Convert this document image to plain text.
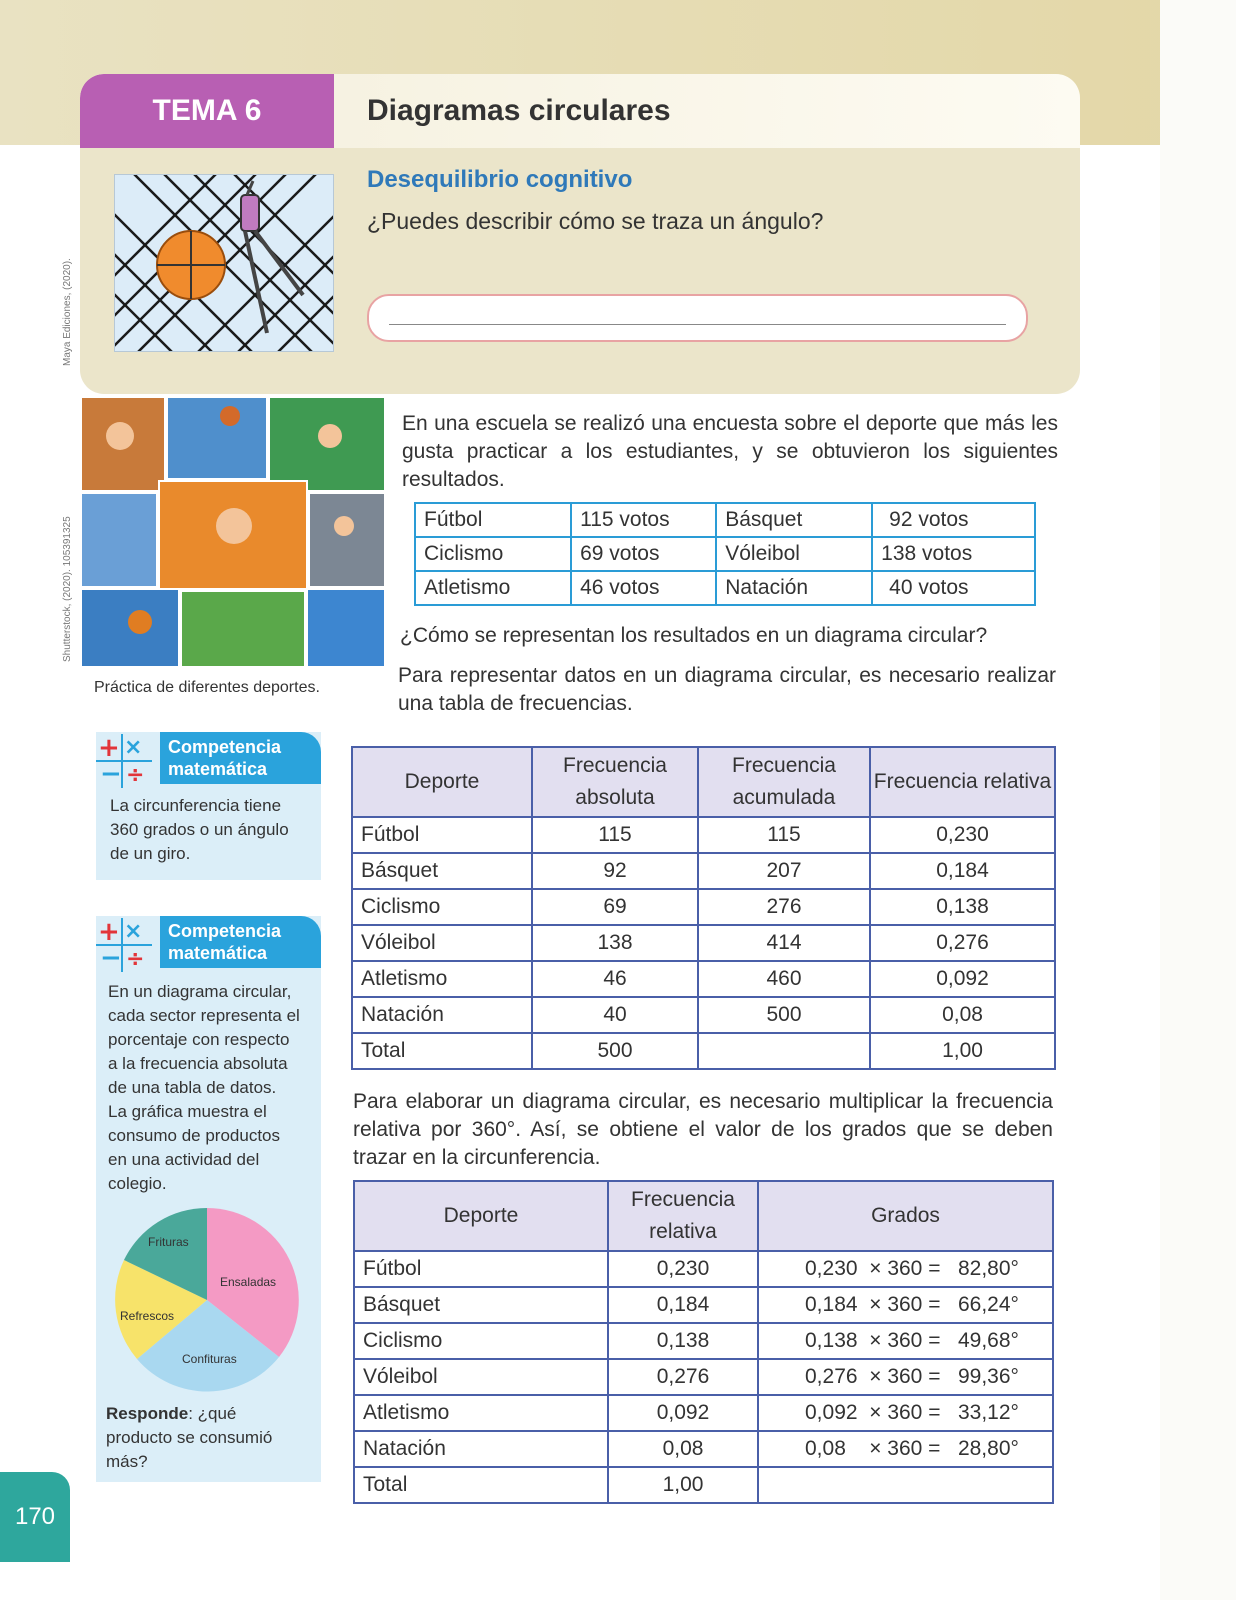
Maya Ediciones, (2020).
Shutterstock, (2020). 105391325
TEMA 6	Diagramas circulares
Desequilibrio cognitivo
¿Puedes describir cómo se traza un ángulo?
Práctica de diferentes deportes.
+ ×
− ÷
Competencia
matemática
La circunferencia tiene
360 grados o un ángulo
de un giro.
+ ×
− ÷
Competencia
matemática
En un diagrama circular,
cada sector representa el
porcentaje con respecto
a la frecuencia absoluta
de una tabla de datos.
La gráfica muestra el
consumo de productos
en una actividad del
colegio.
Frituras
Ensaladas
Refrescos
Confituras
Responde: ¿qué
producto se consumió
más?
170
En una escuela se realizó una encuesta sobre el deporte que más les gusta practicar a los estudiantes, y se obtuvieron los siguientes resultados.
Fútbol	115 votos	Básquet	92 votos
Ciclismo	69 votos	Vóleibol	138 votos
Atletismo	46 votos	Natación	40 votos
¿Cómo se representan los resultados en un diagrama circular?
Para representar datos en un diagrama circular, es necesario realizar una tabla de frecuencias.
Deporte	Frecuencia absoluta	Frecuencia acumulada	Frecuencia relativa
Fútbol	115	115	0,230
Básquet	92	207	0,184
Ciclismo	69	276	0,138
Vóleibol	138	414	0,276
Atletismo	46	460	0,092
Natación	40	500	0,08
Total	500		1,00
Para elaborar un diagrama circular, es necesario multiplicar la frecuencia relativa por 360°. Así, se obtiene el valor de los grados que se deben trazar en la circunferencia.
Deporte	Frecuencia relativa	Grados
Fútbol	0,230	0,230  × 360 =   82,80°
Básquet	0,184	0,184  × 360 =   66,24°
Ciclismo	0,138	0,138  × 360 =   49,68°
Vóleibol	0,276	0,276  × 360 =   99,36°
Atletismo	0,092	0,092  × 360 =   33,12°
Natación	0,08	0,08    × 360 =   28,80°
Total	1,00	
